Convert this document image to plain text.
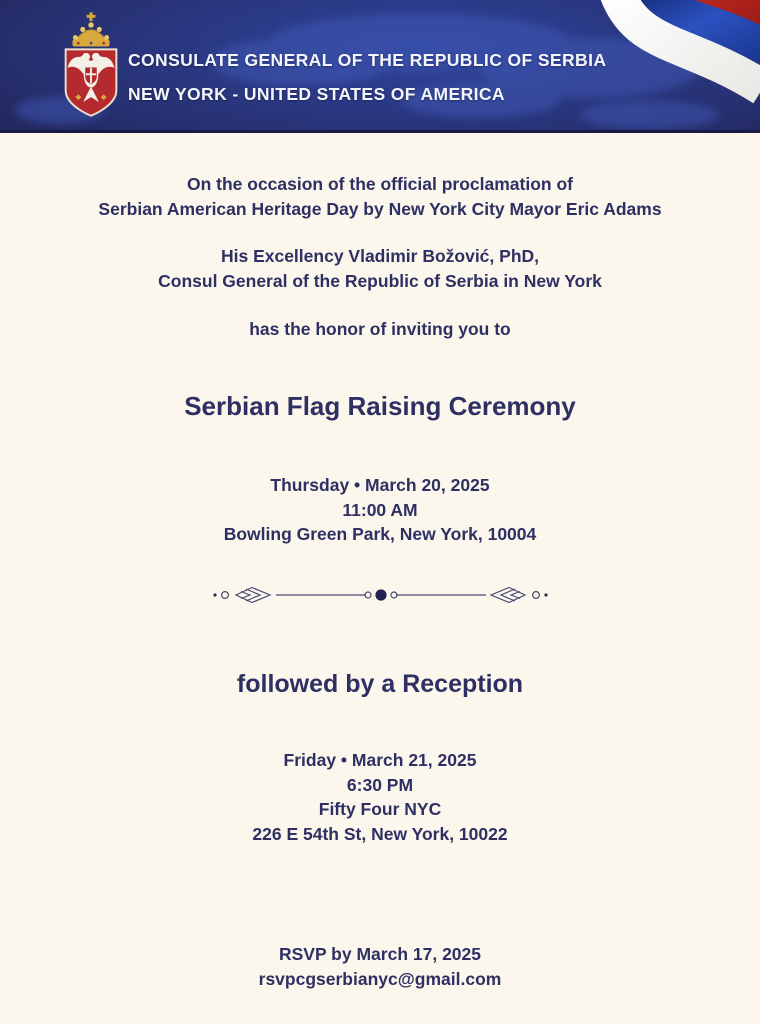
CONSULATE GENERAL OF THE REPUBLIC OF SERBIA
NEW YORK - UNITED STATES OF AMERICA
On the occasion of the official proclamation of
Serbian American Heritage Day by New York City Mayor Eric Adams
His Excellency Vladimir Božović, PhD,
Consul General of the Republic of Serbia in New York
has the honor of inviting you to
Serbian Flag Raising Ceremony
Thursday • March 20, 2025
11:00 AM
Bowling Green Park, New York, 10004
followed by a Reception
Friday • March 21, 2025
6:30 PM
Fifty Four NYC
226 E 54th St, New York, 10022
RSVP by March 17, 2025
rsvpcgserbianyc@gmail.com
